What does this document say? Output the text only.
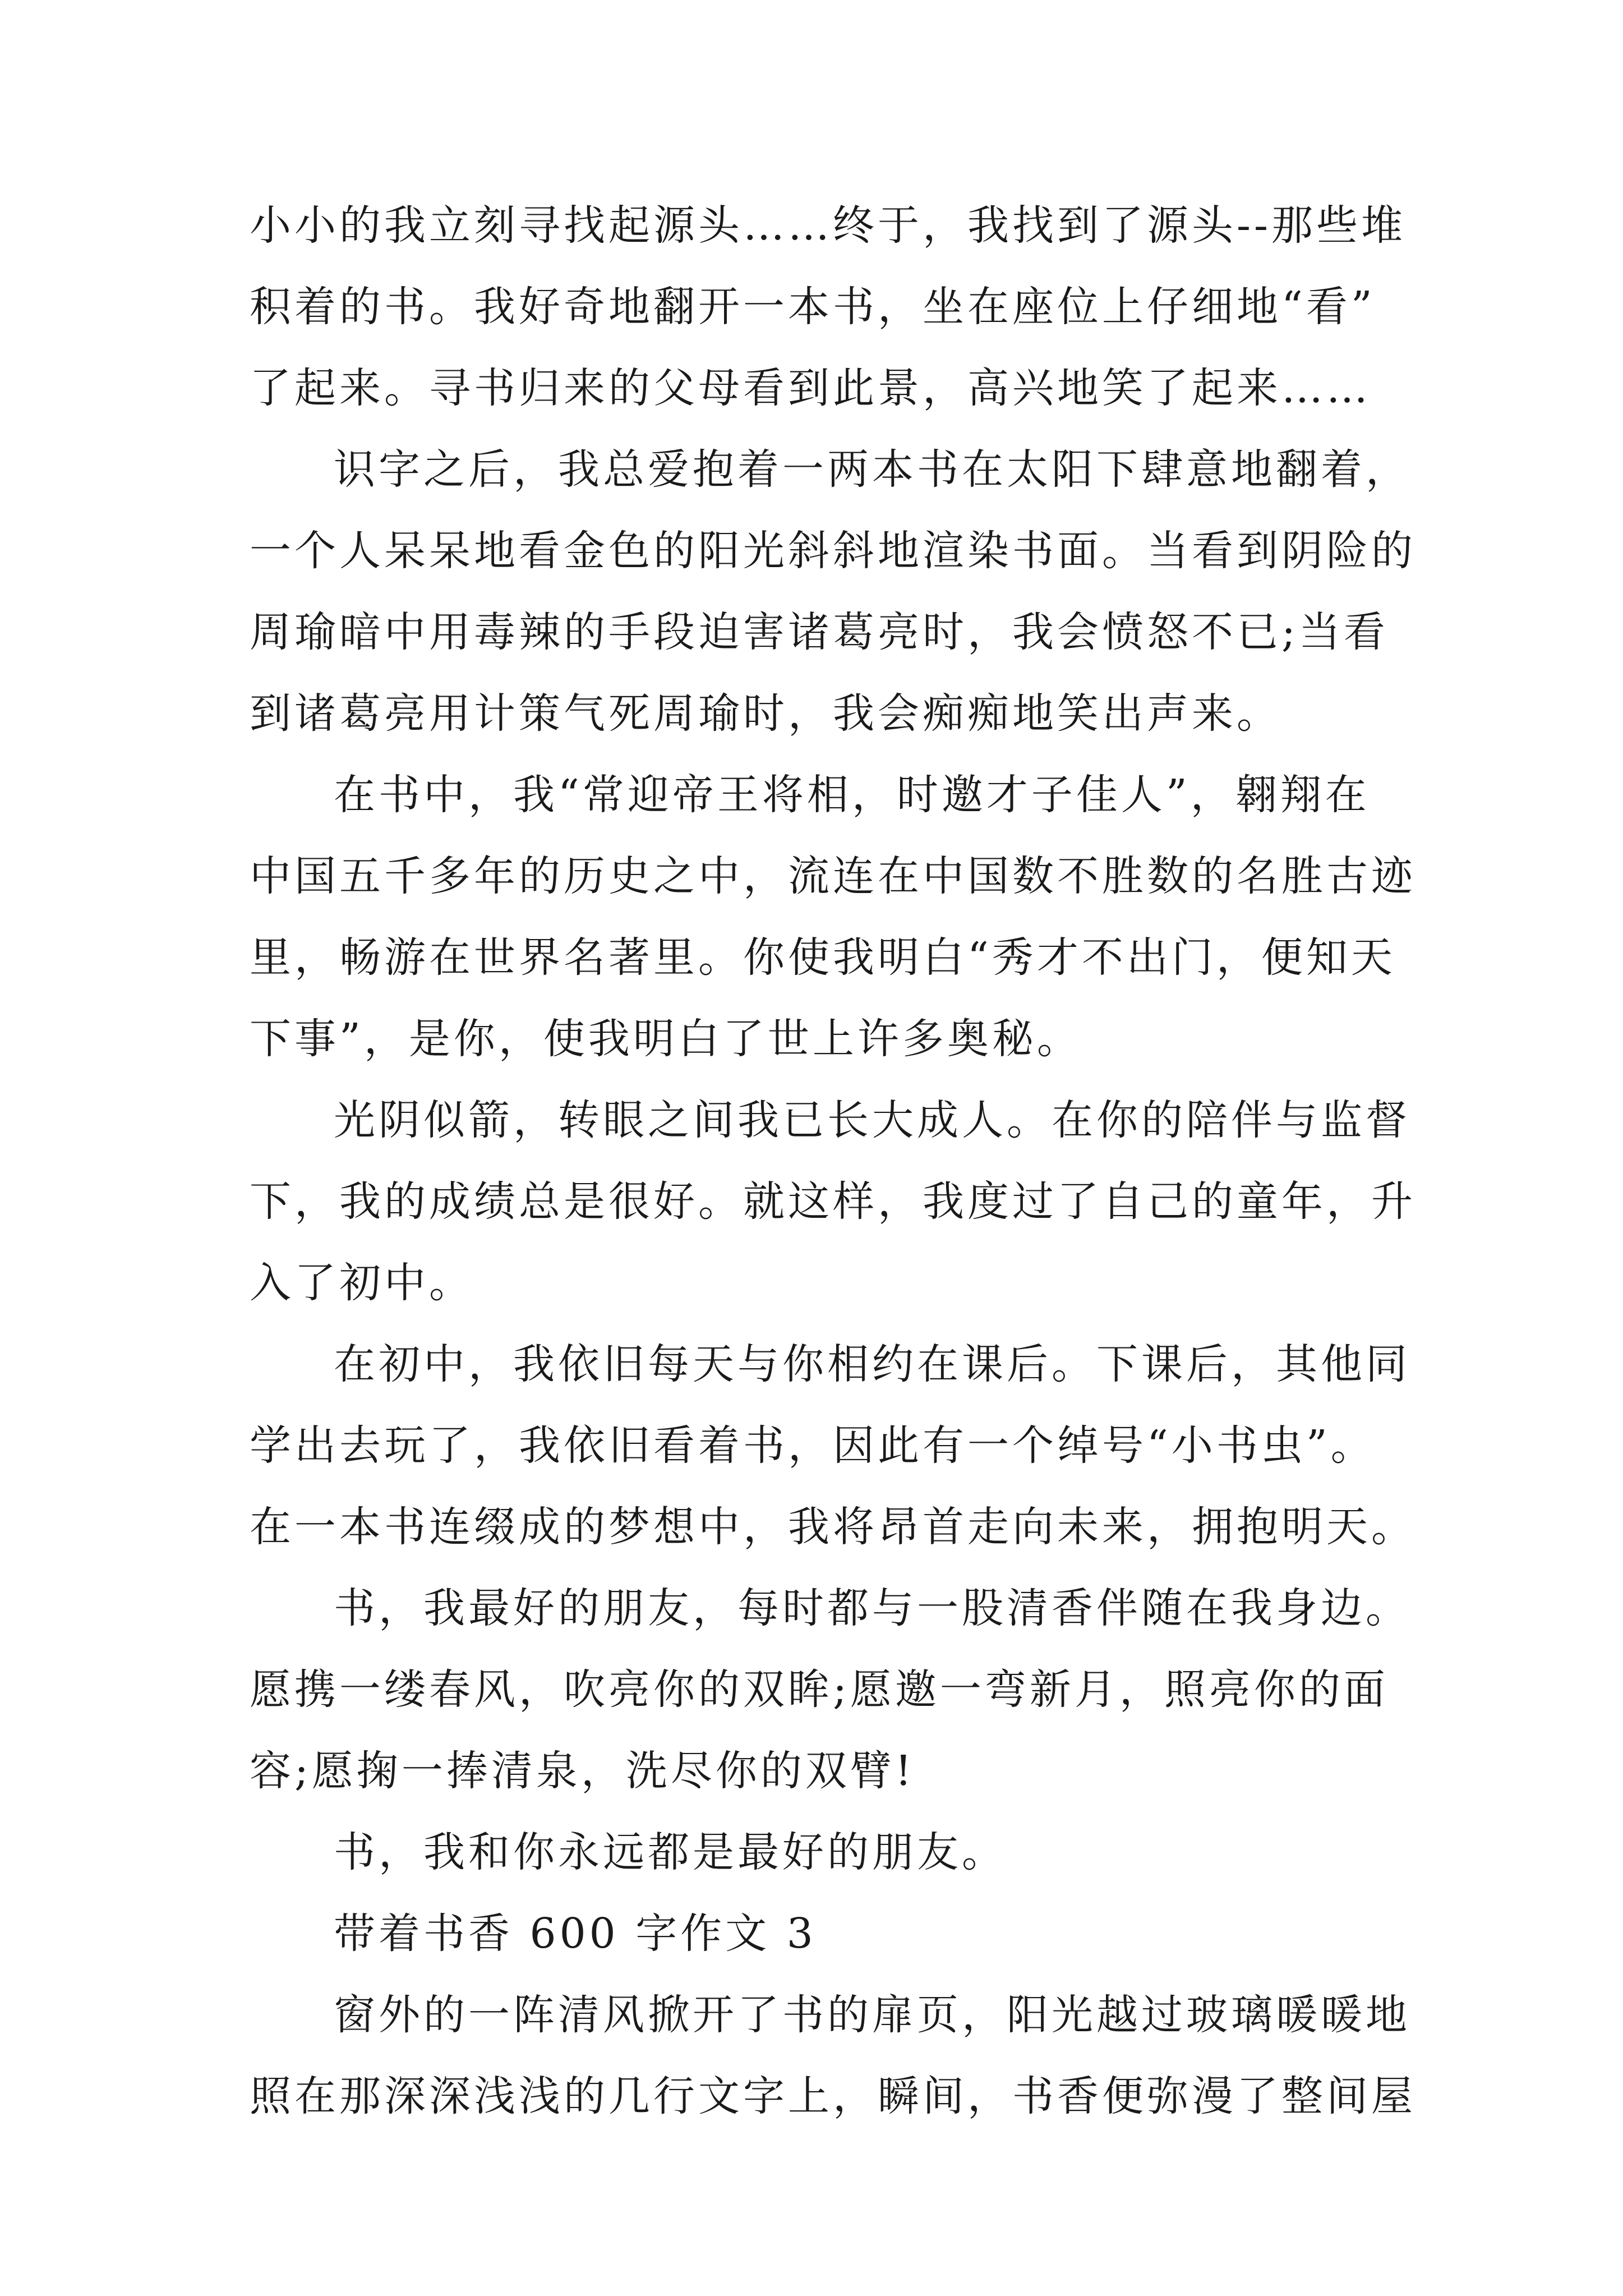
小小的我立刻寻找起源头……终于，我找到了源头--那些堆
积着的书。我好奇地翻开一本书，坐在座位上仔细地“看”
了起来。寻书归来的父母看到此景，高兴地笑了起来……
识字之后，我总爱抱着一两本书在太阳下肆意地翻着，
一个人呆呆地看金色的阳光斜斜地渲染书面。当看到阴险的
周瑜暗中用毒辣的手段迫害诸葛亮时，我会愤怒不已;当看
到诸葛亮用计策气死周瑜时，我会痴痴地笑出声来。
在书中，我“常迎帝王将相，时邀才子佳人”，翱翔在
中国五千多年的历史之中，流连在中国数不胜数的名胜古迹
里，畅游在世界名著里。你使我明白“秀才不出门，便知天
下事”，是你，使我明白了世上许多奥秘。
光阴似箭，转眼之间我已长大成人。在你的陪伴与监督
下，我的成绩总是很好。就这样，我度过了自己的童年，升
入了初中。
在初中，我依旧每天与你相约在课后。下课后，其他同
学出去玩了，我依旧看着书，因此有一个绰号“小书虫”。
在一本书连缀成的梦想中，我将昂首走向未来，拥抱明天。
书，我最好的朋友，每时都与一股清香伴随在我身边。
愿携一缕春风，吹亮你的双眸;愿邀一弯新月，照亮你的面
容;愿掬一捧清泉，洗尽你的双臂!
书，我和你永远都是最好的朋友。
带着书香 600 字作文 3
窗外的一阵清风掀开了书的扉页，阳光越过玻璃暖暖地
照在那深深浅浅的几行文字上，瞬间，书香便弥漫了整间屋
